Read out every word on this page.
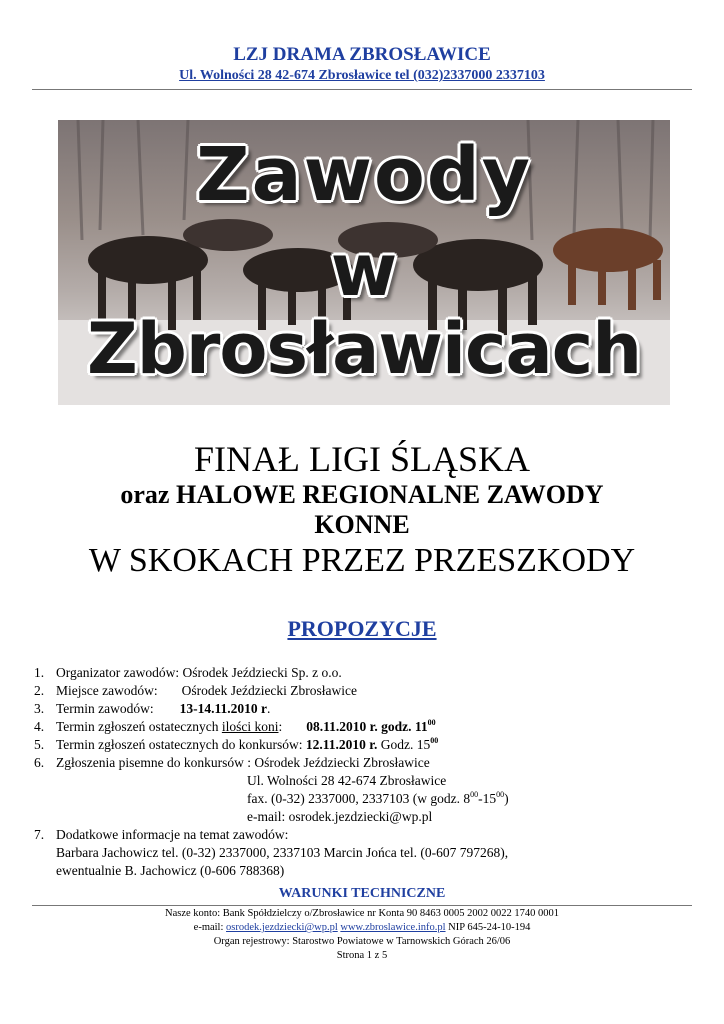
LZJ DRAMA ZBROSŁAWICE
Ul. Wolności 28 42-674 Zbrosławice tel (032)2337000 2337103
Zawody
w
Zbrosławicach
FINAŁ LIGI ŚLĄSKA
oraz HALOWE REGIONALNE ZAWODY
KONNE
W SKOKACH PRZEZ PRZESZKODY
PROPOZYCJE
1. Organizator zawodów: Ośrodek Jeździecki Sp. z o.o.
2. Miejsce zawodów: Ośrodek Jeździecki Zbrosławice
3. Termin zawodów: 13-14.11.2010 r.
4. Termin zgłoszeń ostatecznych ilości koni: 08.11.2010 r. godz. $11^{00}$
5. Termin zgłoszeń ostatecznych do konkursów: 12.11.2010 r. Godz. $15^{00}$
6. Zgłoszenia pisemne do konkursów : Ośrodek Jeździecki Zbrosławice
Ul. Wolności 28 42-674 Zbrosławice
fax. (0-32) 2337000, 2337103 (w godz. $8^{00}-15^{00}$)
e-mail: osrodek.jezdziecki@wp.pl
7. Dodatkowe informacje na temat zawodów:
Barbara Jachowicz tel. (0-32) 2337000, 2337103 Marcin Jońca tel. (0-607 797268),
ewentualnie B. Jachowicz (0-606 788368)
WARUNKI TECHNICZNE
Nasze konto: Bank Spółdzielczy o/Zbrosławice nr Konta 90 8463 0005 2002 0022 1740 0001
e-mail: osrodek.jezdziecki@wp.pl www.zbroslawice.info.pl NIP 645-24-10-194
Organ rejestrowy: Starostwo Powiatowe w Tarnowskich Górach 26/06
Strona 1 z 5
